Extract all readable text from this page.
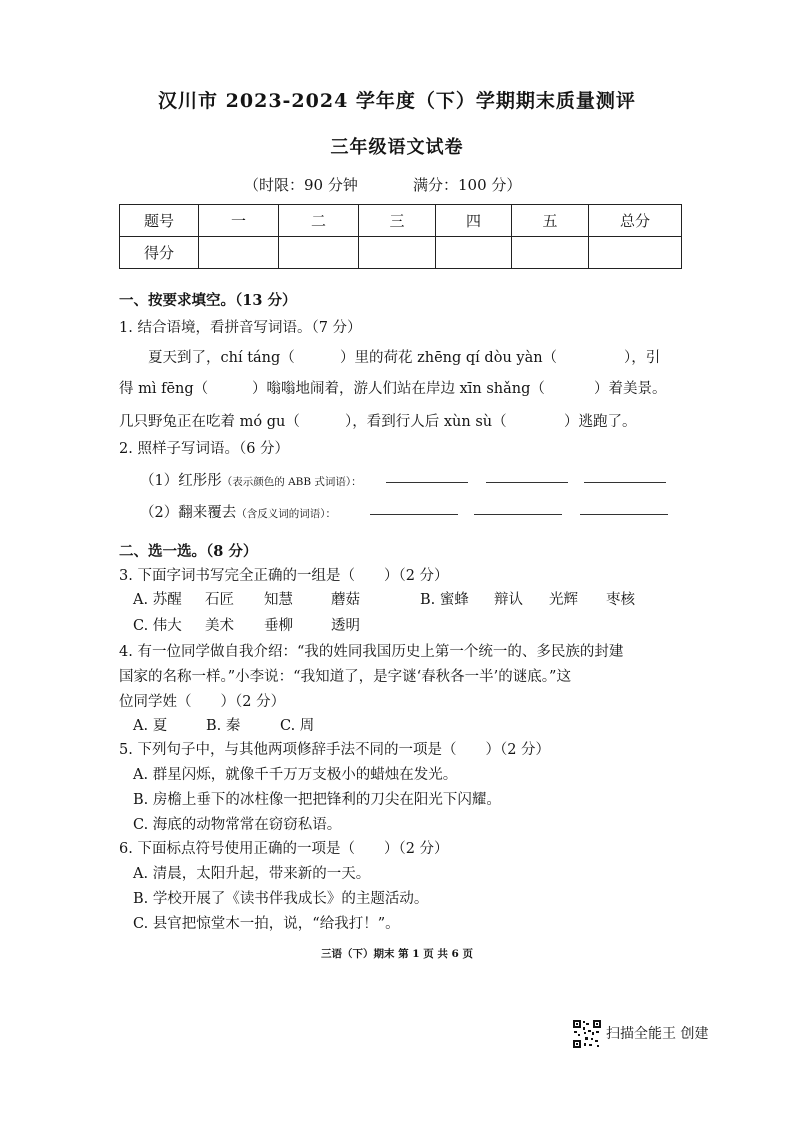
汉川市 2023-2024 学年度（下）学期期末质量测评
三年级语文试卷
（时限：90 分钟	满分：100 分）
题号	一	二	三	四	五	总分
得分						
一、按要求填空。（13 分）
1. 结合语境，看拼音写词语。（7 分）
夏天到了，chí táng（	）里的荷花 zhēng qí dòu yàn（	），引
得 mì fēng（	）嗡嗡地闹着，游人们站在岸边 xīn shǎng（	）着美景。
几只野兔正在吃着 mó gu（	），看到行人后 xùn sù（	）逃跑了。
2. 照样子写词语。（6 分）
（1）红彤彤（表示颜色的 ABB 式词语）：
（2）翻来覆去（含反义词的词语）：
二、选一选。（8 分）
3. 下面字词书写完全正确的一组是（　　）（2 分）
A. 苏醒 石匠 知慧	蘑菇	B. 蜜蜂 辩认 光辉 枣核
C. 伟大 美术 垂柳	透明
4. 有一位同学做自我介绍：“我的姓同我国历史上第一个统一的、多民族的封建
国家的名称一样。”小李说：“我知道了，是字谜‘春秋各一半’的谜底。”这
位同学姓（　　）（2 分）
A. 夏	B. 秦	C. 周
5. 下列句子中，与其他两项修辞手法不同的一项是（　　）（2 分）
A. 群星闪烁，就像千千万万支极小的蜡烛在发光。
B. 房檐上垂下的冰柱像一把把锋利的刀尖在阳光下闪耀。
C. 海底的动物常常在窃窃私语。
6. 下面标点符号使用正确的一项是（　　）（2 分）
A. 清晨，太阳升起，带来新的一天。
B. 学校开展了《读书伴我成长》的主题活动。
C. 县官把惊堂木一拍，说，“给我打！”。
三语（下）期末 第 1 页 共 6 页
扫描全能王 创建
